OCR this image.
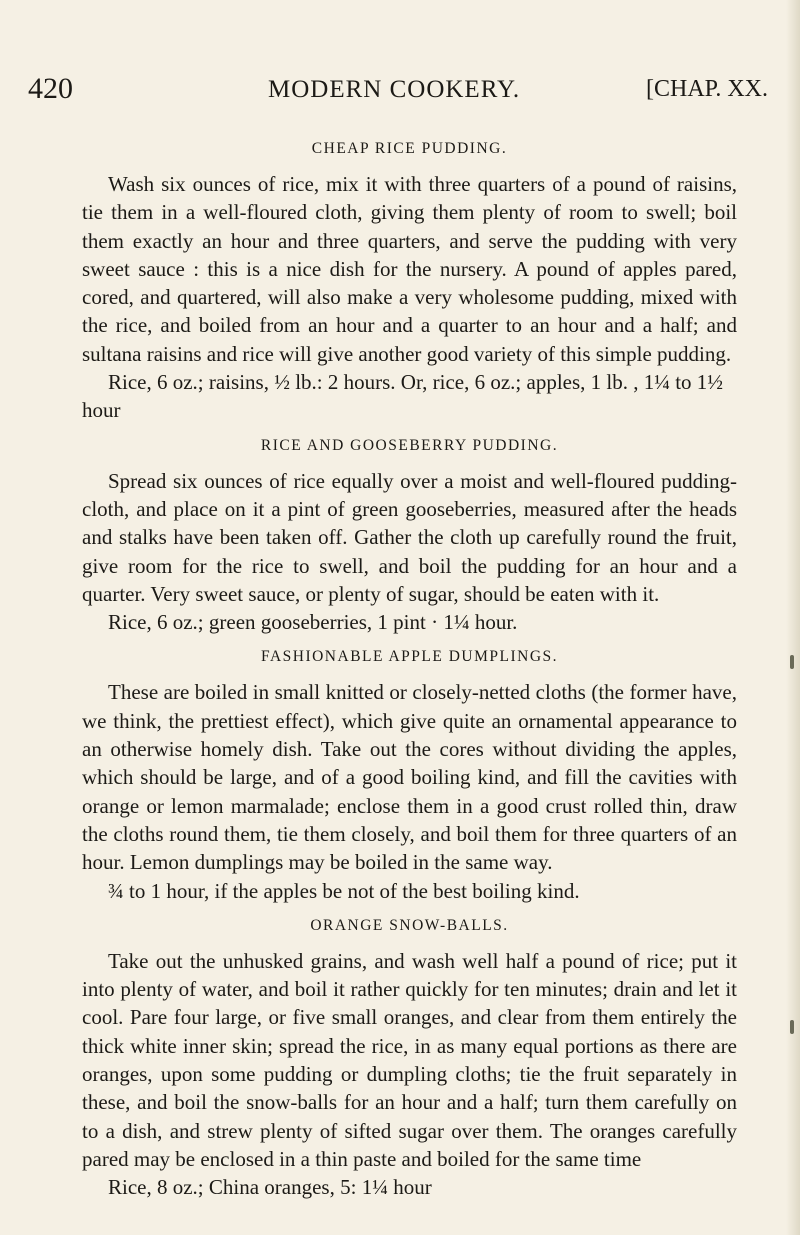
420	MODERN COOKERY.	[CHAP. XX.
CHEAP RICE PUDDING.

Wash six ounces of rice, mix it with three quarters of a pound of raisins, tie them in a well-floured cloth, giving them plenty of room to swell; boil them exactly an hour and three quarters, and serve the pudding with very sweet sauce : this is a nice dish for the nursery. A pound of apples pared, cored, and quartered, will also make a very wholesome pudding, mixed with the rice, and boiled from an hour and a quarter to an hour and a half; and sultana raisins and rice will give another good variety of this simple pudding.

Rice, 6 oz.; raisins, ½ lb.: 2 hours. Or, rice, 6 oz.; apples, 1 lb. , 1¼ to 1½ hour

RICE AND GOOSEBERRY PUDDING.

Spread six ounces of rice equally over a moist and well-floured pudding-cloth, and place on it a pint of green gooseberries, measured after the heads and stalks have been taken off. Gather the cloth up carefully round the fruit, give room for the rice to swell, and boil the pudding for an hour and a quarter. Very sweet sauce, or plenty of sugar, should be eaten with it.

Rice, 6 oz.; green gooseberries, 1 pint · 1¼ hour.

FASHIONABLE APPLE DUMPLINGS.

These are boiled in small knitted or closely-netted cloths (the former have, we think, the prettiest effect), which give quite an ornamental appearance to an otherwise homely dish. Take out the cores without dividing the apples, which should be large, and of a good boiling kind, and fill the cavities with orange or lemon marmalade; enclose them in a good crust rolled thin, draw the cloths round them, tie them closely, and boil them for three quarters of an hour. Lemon dumplings may be boiled in the same way.

¾ to 1 hour, if the apples be not of the best boiling kind.

ORANGE SNOW-BALLS.

Take out the unhusked grains, and wash well half a pound of rice; put it into plenty of water, and boil it rather quickly for ten minutes; drain and let it cool. Pare four large, or five small oranges, and clear from them entirely the thick white inner skin; spread the rice, in as many equal portions as there are oranges, upon some pudding or dumpling cloths; tie the fruit separately in these, and boil the snow-balls for an hour and a half; turn them carefully on to a dish, and strew plenty of sifted sugar over them. The oranges carefully pared may be enclosed in a thin paste and boiled for the same time

Rice, 8 oz.; China oranges, 5: 1¼ hour
